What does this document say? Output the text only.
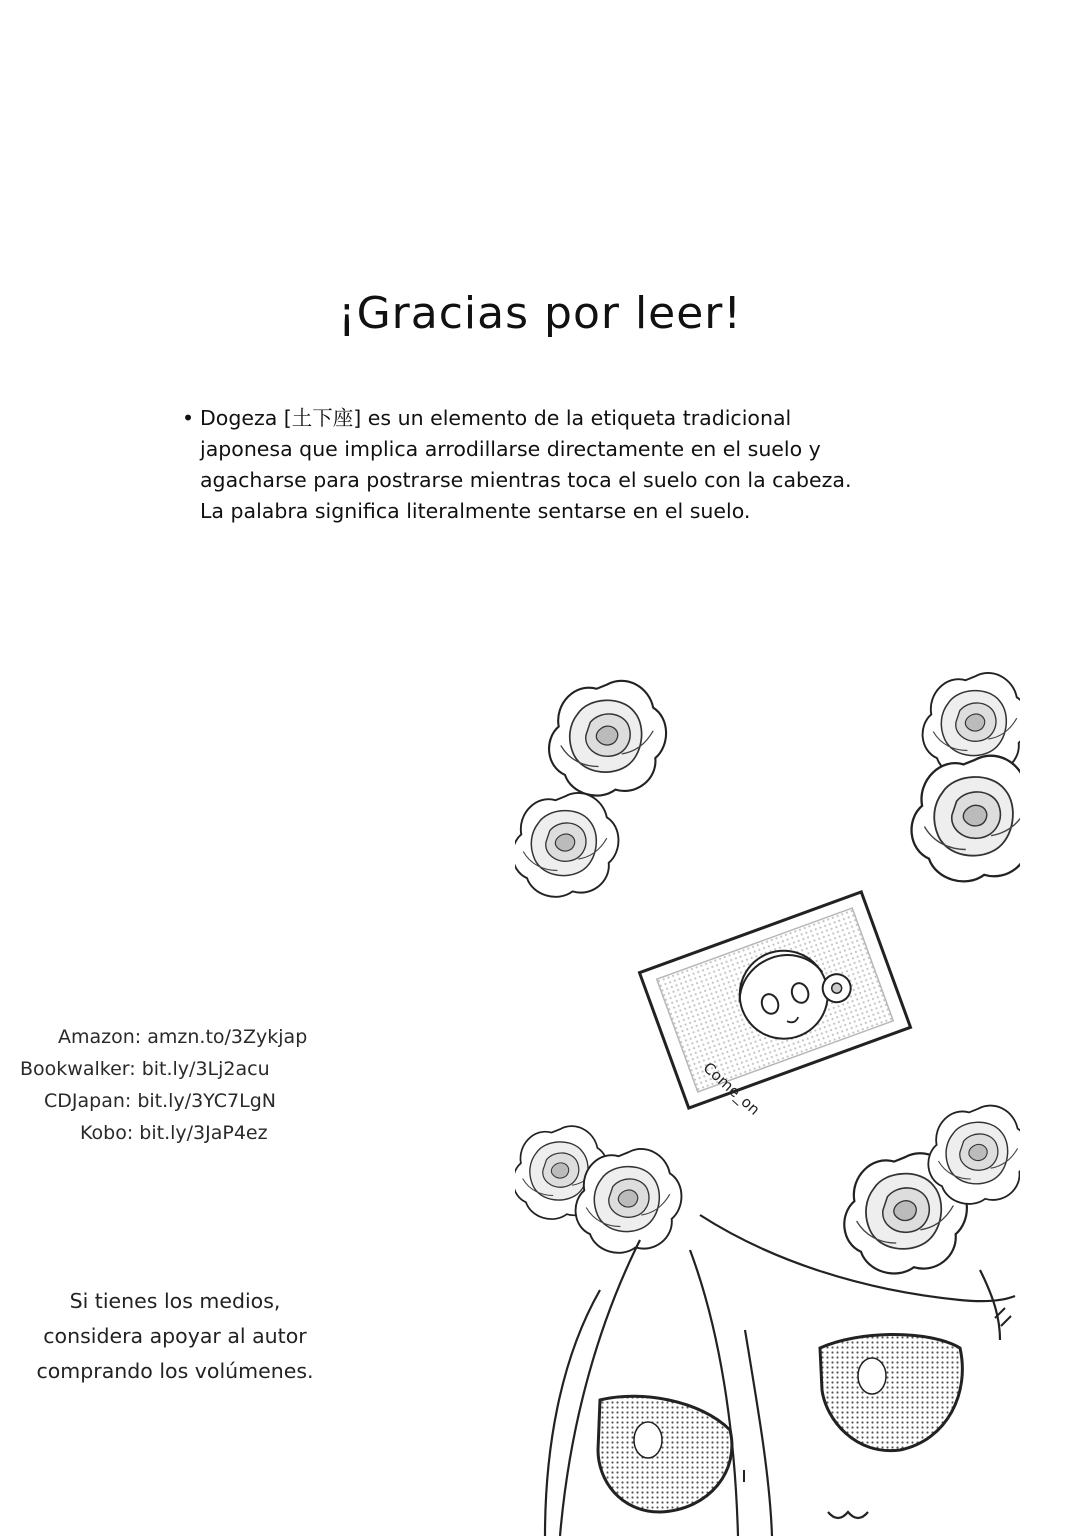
¡Gracias por leer!
• Dogeza [土下座] es un elemento de la etiqueta tradicional
japonesa que implica arrodillarse directamente en el suelo y
agacharse para postrarse mientras toca el suelo con la cabeza.
La palabra significa literalmente sentarse en el suelo.
Si tienes los medios,
considera apoyar al autor
comprando los volúmenes.
Amazon: amzn.to/3Zykjap
Bookwalker: bit.ly/3Lj2acu
CDJapan: bit.ly/3YC7LgN
Kobo: bit.ly/3JaP4ez
Come_on
